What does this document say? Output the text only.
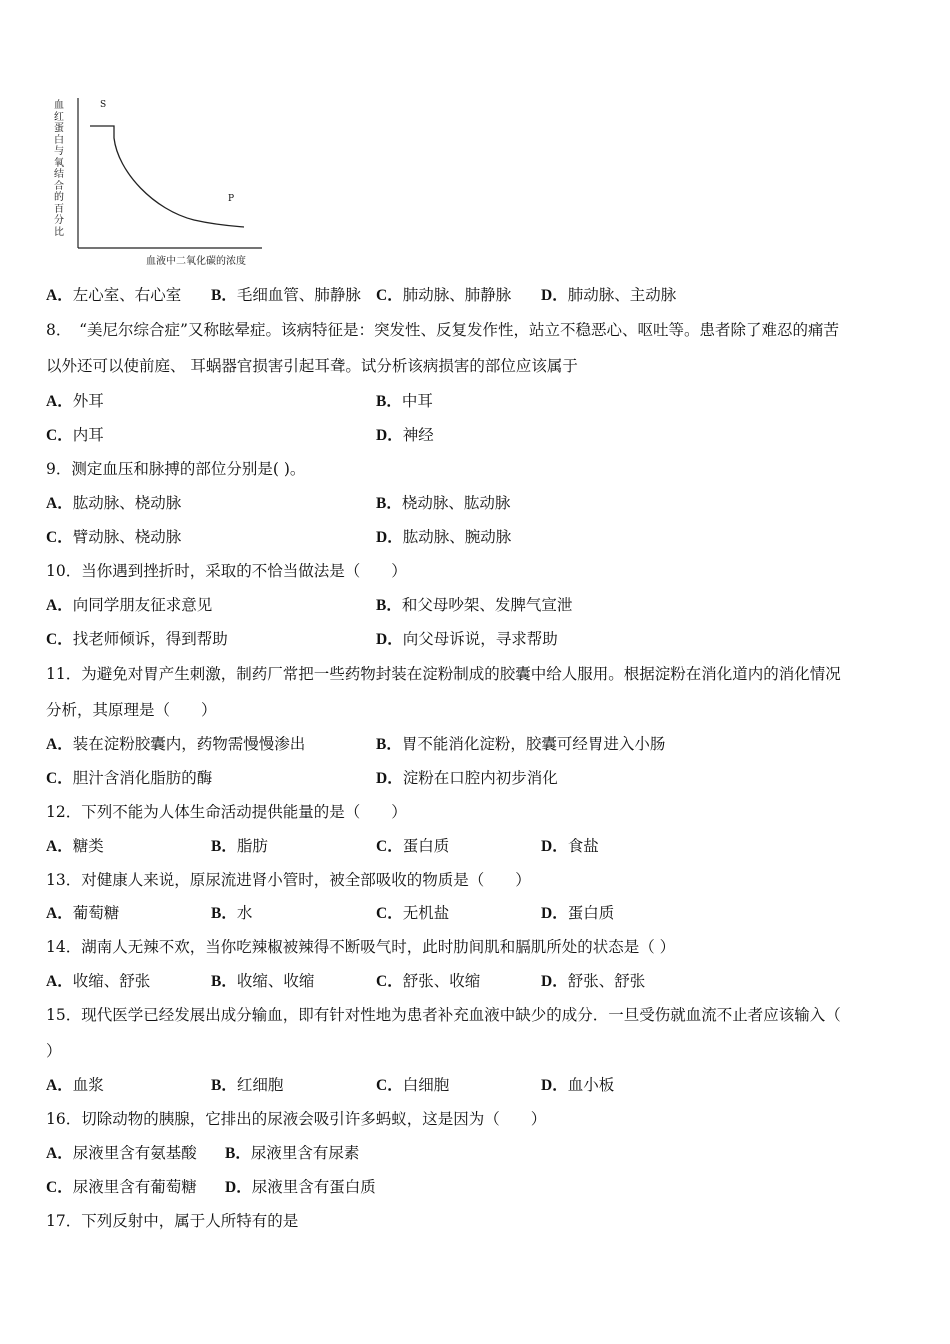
血红蛋白与氧结合的百分比
血液中二氧化碳的浓度
S
P
A．左心室、右心室 B．毛细血管、肺静脉 C．肺动脉、肺静脉 D．肺动脉、主动脉
8．　“美尼尔综合症”又称眩晕症。该病特征是：突发性、反复发作性，站立不稳恶心、呕吐等。患者除了难忍的痛苦
以外还可以使前庭、 耳蜗器官损害引起耳聋。试分析该病损害的部位应该属于
A．外耳	B．中耳
C．内耳	D．神经
9．测定血压和脉搏的部位分别是( )。
A．肱动脉、桡动脉	B．桡动脉、肱动脉
C．臂动脉、桡动脉	D．肱动脉、腕动脉
10．当你遇到挫折时，采取的不恰当做法是（　　）
A．向同学朋友征求意见	B．和父母吵架、发脾气宣泄
C．找老师倾诉，得到帮助	D．向父母诉说，寻求帮助
11．为避免对胃产生刺激，制药厂常把一些药物封装在淀粉制成的胶囊中给人服用。根据淀粉在消化道内的消化情况
分析，其原理是（　　）
A．装在淀粉胶囊内，药物需慢慢渗出	B．胃不能消化淀粉，胶囊可经胃进入小肠
C．胆汁含消化脂肪的酶	D．淀粉在口腔内初步消化
12．下列不能为人体生命活动提供能量的是（　　）
A．糖类	B．脂肪	C．蛋白质	D．食盐
13．对健康人来说，原尿流进肾小管时，被全部吸收的物质是（　　）
A．葡萄糖	B．水	C．无机盐	D．蛋白质
14．湖南人无辣不欢，当你吃辣椒被辣得不断吸气时，此时肋间肌和膈肌所处的状态是（ ）
A．收缩、舒张	B．收缩、收缩	C．舒张、收缩	D．舒张、舒张
15．现代医学已经发展出成分输血，即有针对性地为患者补充血液中缺少的成分．一旦受伤就血流不止者应该输入（
）
A．血浆	B．红细胞	C．白细胞	D．血小板
16．切除动物的胰腺，它排出的尿液会吸引许多蚂蚁，这是因为（　　）
A．尿液里含有氨基酸 B．尿液里含有尿素
C．尿液里含有葡萄糖 D．尿液里含有蛋白质
17．下列反射中，属于人所特有的是
